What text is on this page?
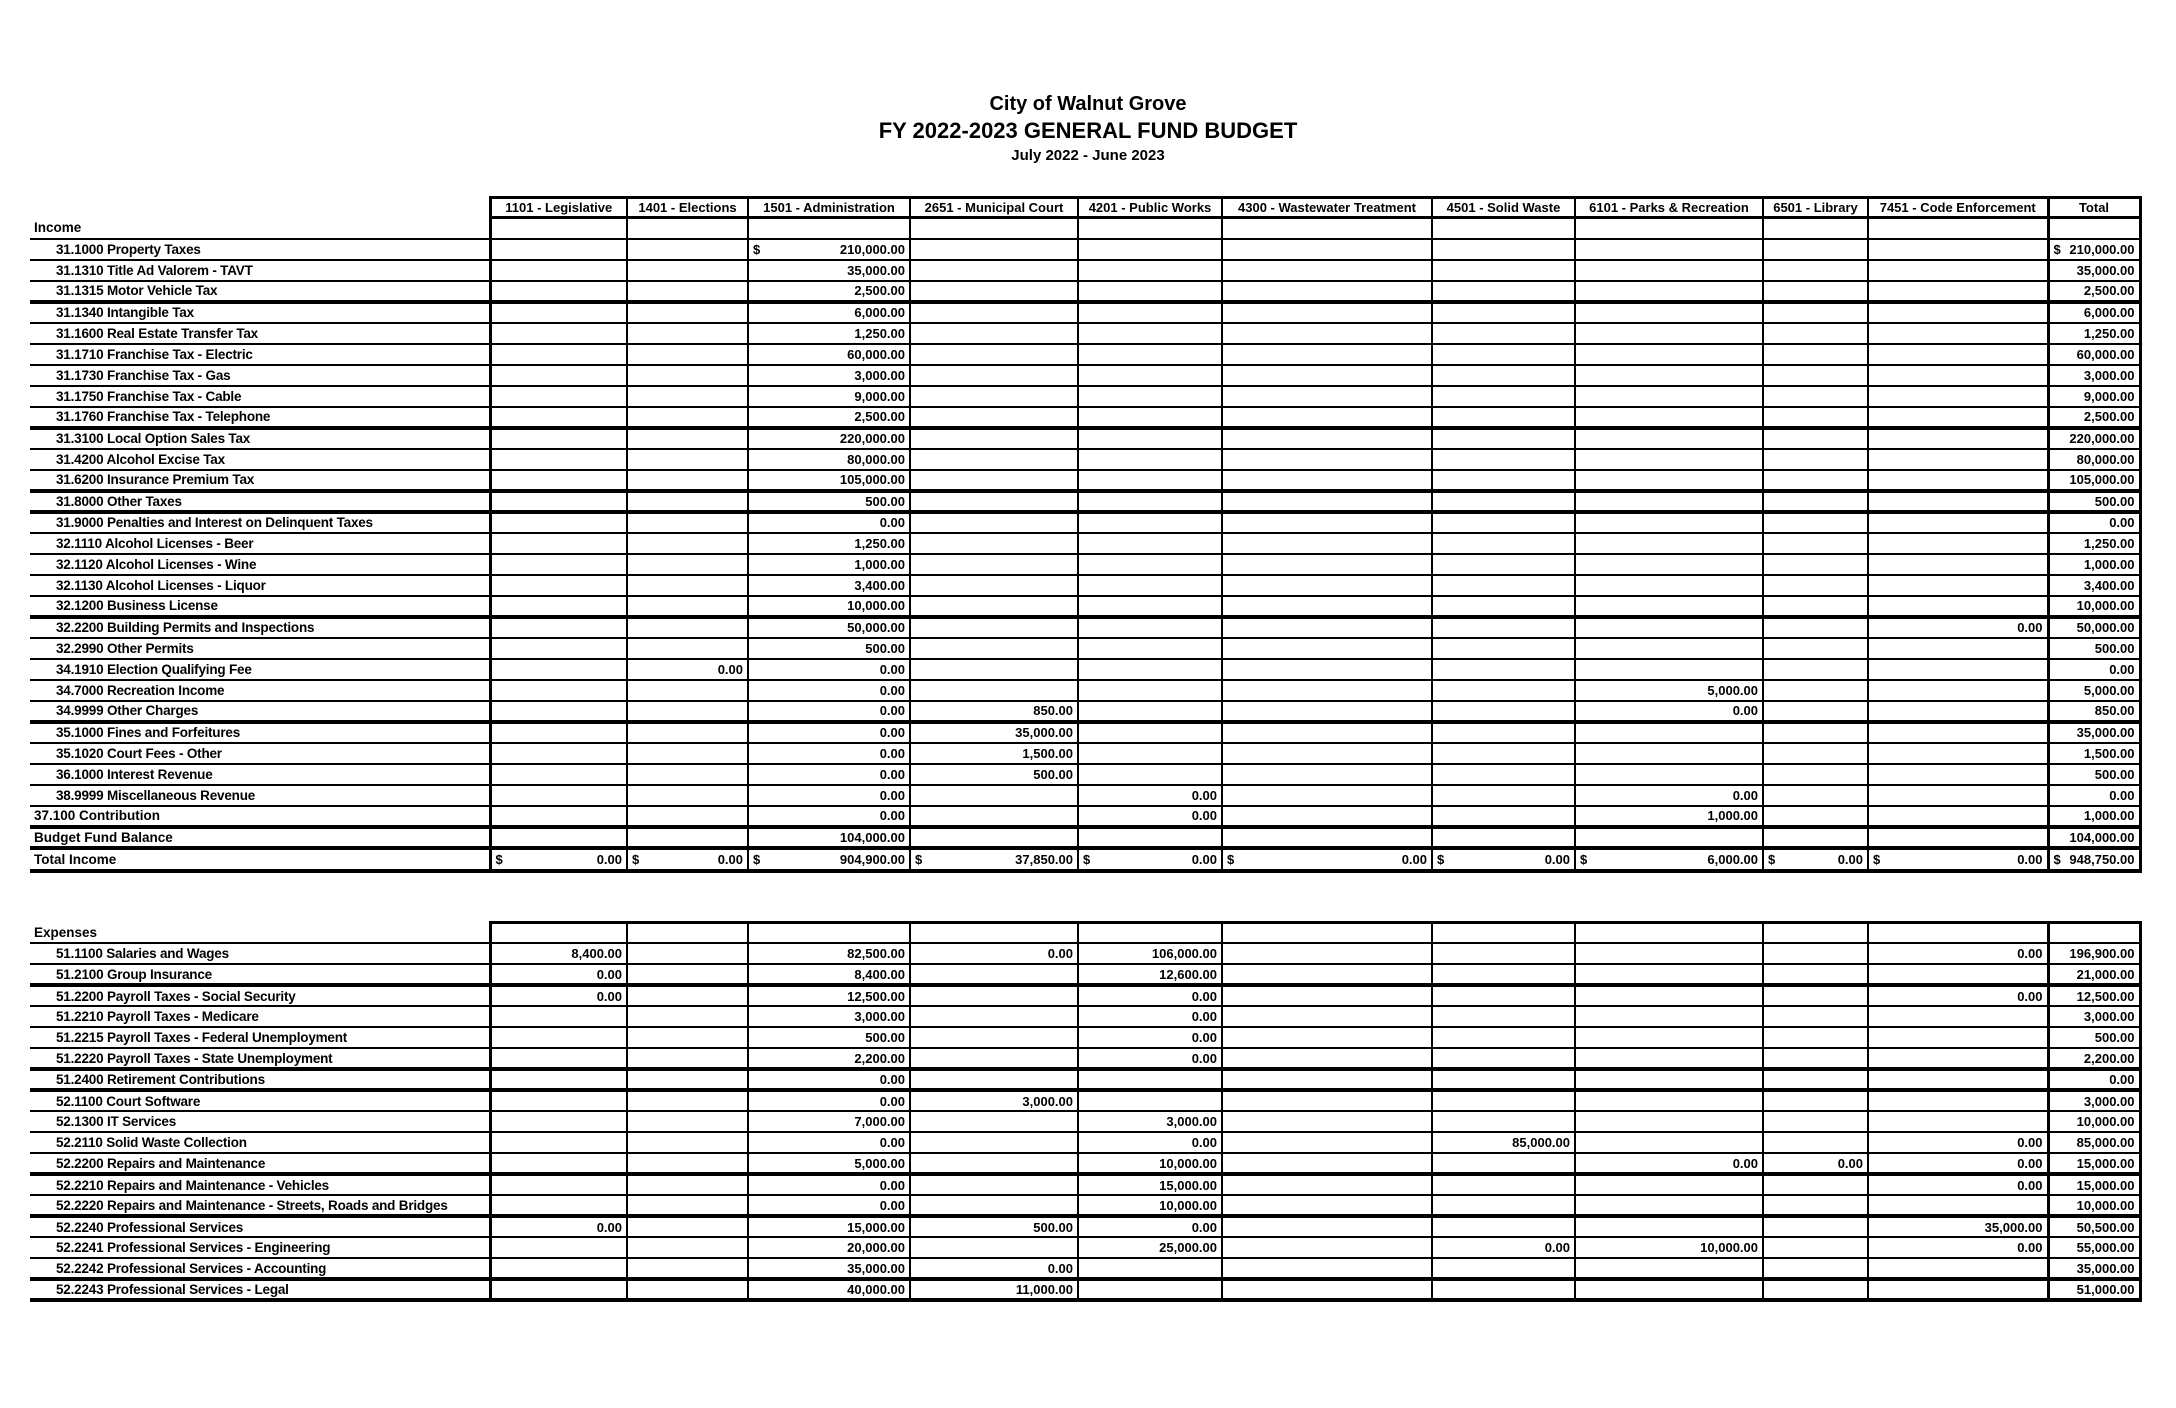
City of Walnut Grove
FY 2022-2023 GENERAL FUND BUDGET
July 2022 - June 2023
	1101 - Legislative	1401 - Elections	1501 - Administration	2651 - Municipal Court	4201 - Public Works	4300 - Wastewater Treatment	4501 - Solid Waste	6101 - Parks & Recreation	6501 - Library	7451 - Code Enforcement	Total
Income											
31.1000 Property Taxes			$ 210,000.00								$ 210,000.00

31.1310 Title Ad Valorem - TAVT			35,000.00								35,000.00
31.1315 Motor Vehicle Tax			2,500.00								2,500.00
31.1340 Intangible Tax			6,000.00								6,000.00
31.1600 Real Estate Transfer Tax			1,250.00								1,250.00
31.1710 Franchise Tax - Electric			60,000.00								60,000.00
31.1730 Franchise Tax - Gas			3,000.00								3,000.00
31.1750 Franchise Tax - Cable			9,000.00								9,000.00
31.1760 Franchise Tax - Telephone			2,500.00								2,500.00
31.3100 Local Option Sales Tax			220,000.00								220,000.00
31.4200 Alcohol Excise Tax			80,000.00								80,000.00
31.6200 Insurance Premium Tax			105,000.00								105,000.00
31.8000 Other Taxes			500.00								500.00
31.9000 Penalties and Interest on Delinquent Taxes			0.00								0.00
32.1110 Alcohol Licenses - Beer			1,250.00								1,250.00
32.1120 Alcohol Licenses - Wine			1,000.00								1,000.00
32.1130 Alcohol Licenses - Liquor			3,400.00								3,400.00
32.1200 Business License			10,000.00								10,000.00
32.2200 Building Permits and Inspections			50,000.00							0.00	50,000.00
32.2990 Other Permits			500.00								500.00
34.1910 Election Qualifying Fee		0.00	0.00								0.00
34.7000 Recreation Income			0.00					5,000.00			5,000.00
34.9999 Other Charges			0.00	850.00				0.00			850.00
35.1000 Fines and Forfeitures			0.00	35,000.00							35,000.00
35.1020 Court Fees - Other			0.00	1,500.00							1,500.00
36.1000 Interest Revenue			0.00	500.00							500.00
38.9999 Miscellaneous Revenue			0.00		0.00			0.00			0.00
37.100 Contribution			0.00		0.00			1,000.00			1,000.00
Budget Fund Balance			104,000.00								104,000.00
Total Income	$ 0.00	$ 0.00	$ 904,900.00	$ 37,850.00	$ 0.00	$ 0.00	$ 0.00	$ 6,000.00	$ 0.00	$ 0.00	$ 948,750.00
Expenses											
51.1100 Salaries and Wages	8,400.00		82,500.00	0.00	106,000.00					0.00	196,900.00
51.2100 Group Insurance	0.00		8,400.00		12,600.00						21,000.00
51.2200 Payroll Taxes - Social Security	0.00		12,500.00		0.00					0.00	12,500.00
51.2210 Payroll Taxes - Medicare			3,000.00		0.00						3,000.00
51.2215 Payroll Taxes - Federal Unemployment			500.00		0.00						500.00
51.2220 Payroll Taxes - State Unemployment			2,200.00		0.00						2,200.00
51.2400 Retirement Contributions			0.00								0.00
52.1100 Court Software			0.00	3,000.00							3,000.00
52.1300 IT Services			7,000.00		3,000.00						10,000.00
52.2110 Solid Waste Collection			0.00		0.00		85,000.00			0.00	85,000.00
52.2200 Repairs and Maintenance			5,000.00		10,000.00			0.00	0.00	0.00	15,000.00
52.2210 Repairs and Maintenance - Vehicles			0.00		15,000.00					0.00	15,000.00
52.2220 Repairs and Maintenance - Streets, Roads and Bridges			0.00		10,000.00						10,000.00
52.2240 Professional Services	0.00		15,000.00	500.00	0.00					35,000.00	50,500.00
52.2241 Professional Services - Engineering			20,000.00		25,000.00		0.00	10,000.00		0.00	55,000.00
52.2242 Professional Services - Accounting			35,000.00	0.00							35,000.00
52.2243 Professional Services - Legal			40,000.00	11,000.00							51,000.00
